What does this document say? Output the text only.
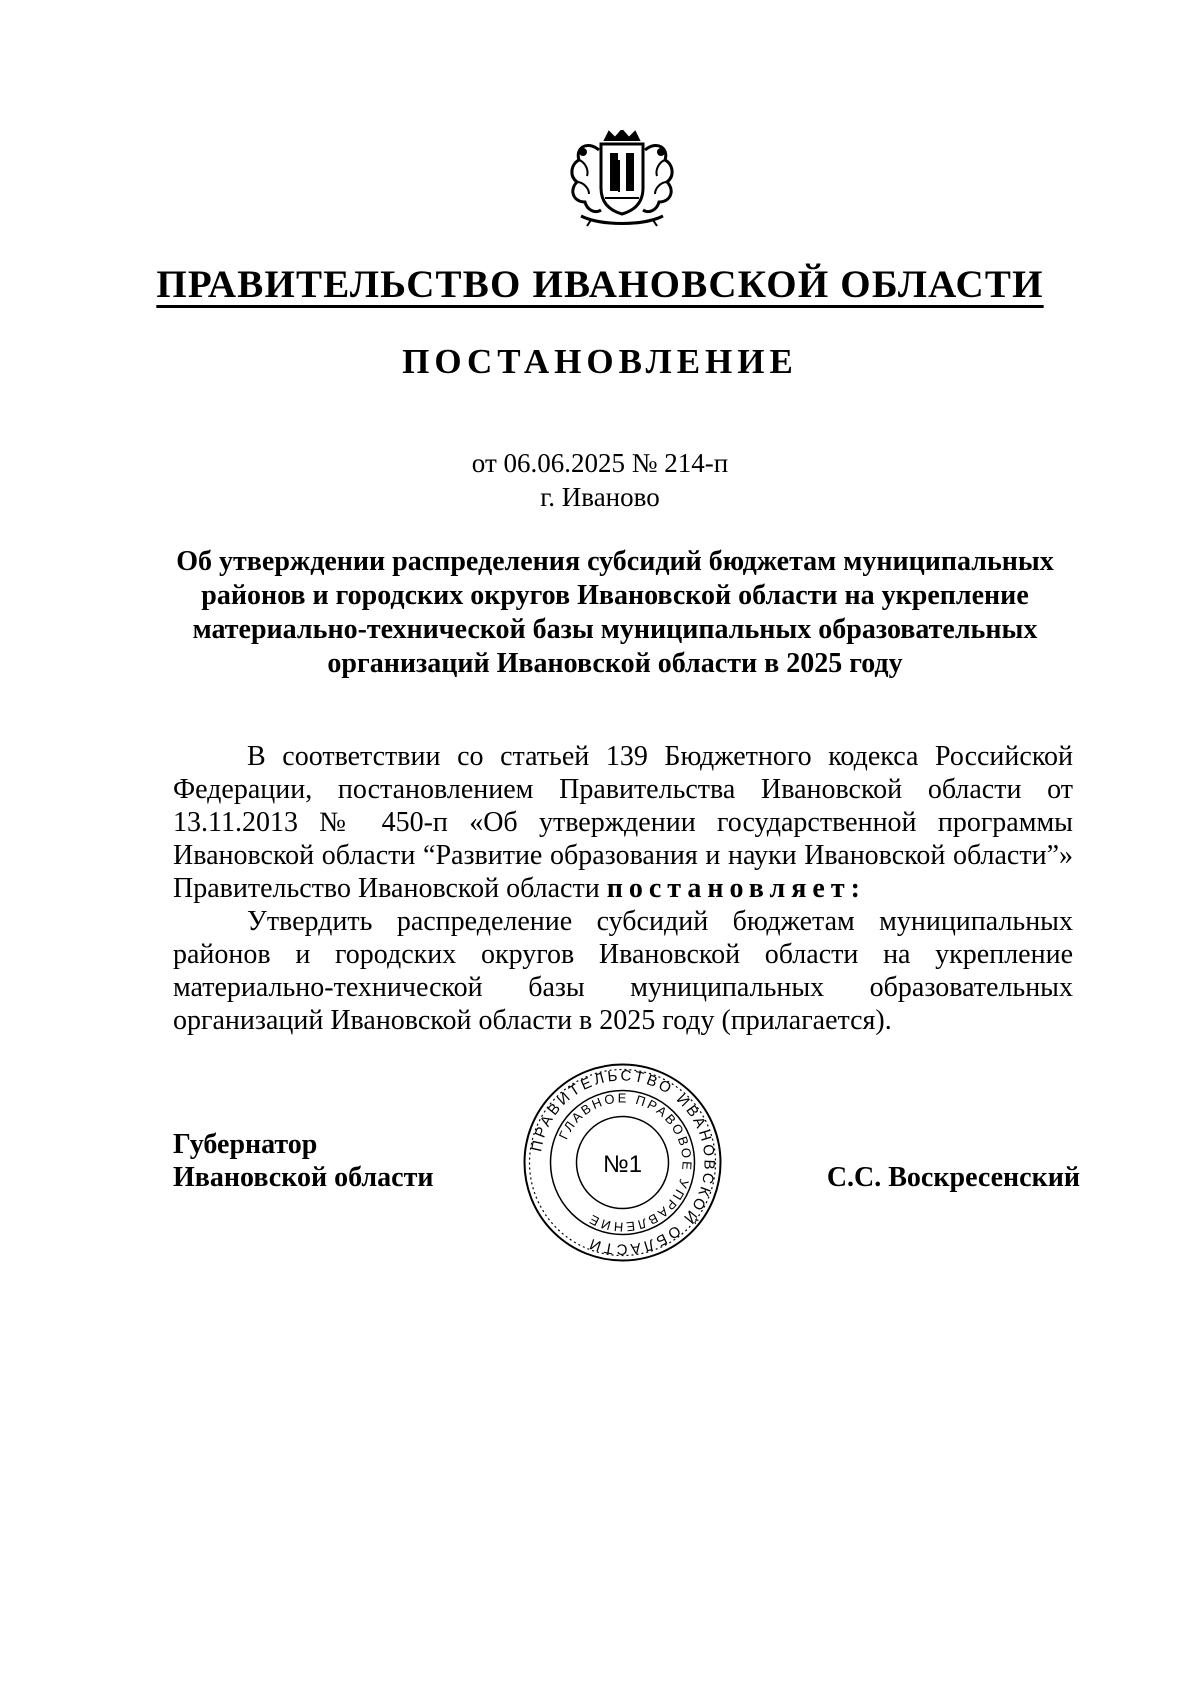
ПРАВИТЕЛЬСТВО ИВАНОВСКОЙ ОБЛАСТИ
ПОСТАНОВЛЕНИЕ
от 06.06.2025 № 214-п
г. Иваново
Об утверждении распределения субсидий бюджетам муниципальных
районов и городских округов Ивановской области на укрепление
материально-технической базы муниципальных образовательных
организаций Ивановской области в 2025 году

В соответствии со статьей 139 Бюджетного кодекса Российской Федерации, постановлением Правительства Ивановской области от 13.11.2013 № 450-п «Об утверждении государственной программы Ивановской области “Развитие образования и науки Ивановской области”» Правительство Ивановской области постановляет:

Утвердить распределение субсидий бюджетам муниципальных районов и городских округов Ивановской области на укрепление материально-технической базы муниципальных образовательных организаций Ивановской области в 2025 году (прилагается).

Губернатор
Ивановской области	С.С. Воскресенский
ПРАВИТЕЛЬСТВО ИВАНОВСКОЙ ОБЛАСТИ
ГЛАВНОЕ ПРАВОВОЕ УПРАВЛЕНИЕ
№1
